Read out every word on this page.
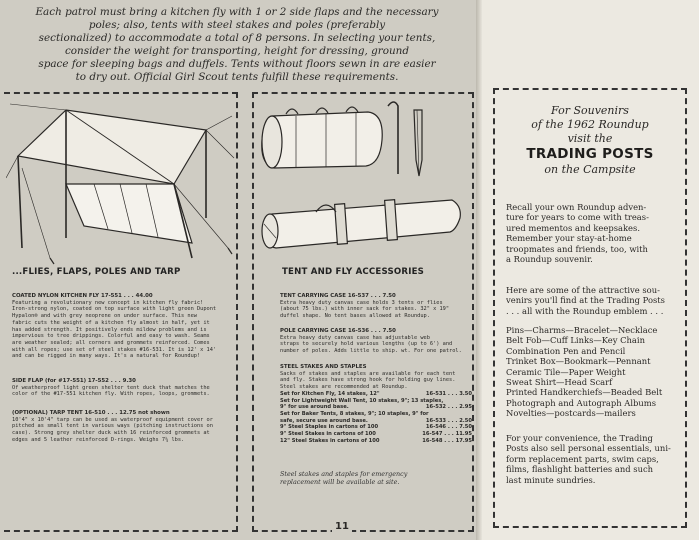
Each patrol must bring a kitchen fly with 1 or 2 side flaps and the necessary
poles; also, tents with steel stakes and poles (preferably
sectionalized) to accommodate a total of 8 persons. In selecting your tents,
consider the weight for transporting, height for dressing, ground
space for sleeping bags and duffels. Tents without floors sewn in are easier
to dry out. Official Girl Scout tents fulfill these requirements.
...FLIES, FLAPS, POLES AND TARP
COATED NYLON KITCHEN FLY 17-551 . . . 44.00
Featuring a revolutionary new concept in kitchen fly fabric!
Iron-strong nylon, coated on top surface with light green Dupont
Hypalon® and with grey neoprene on under surface. This new
fabric cuts the weight of a kitchen fly almost in half, yet it
has added strength. It positively ends mildew problems and is
impervious to tree drippings. Colorful and easy to wash. Seams
are weather sealed; all corners and grommets reinforced. Comes
with all ropes; use set of steel stakes #16-531. It is 12' x 14'
and can be rigged in many ways. It's a natural for Roundup!
SIDE FLAP (for #17-551) 17-552 . . . 9.30
Of weatherproof light green shelter tent duck that matches the
color of the #17-551 kitchen fly. With ropes, loops, grommets.
(OPTIONAL) TARP TENT 16-510 . . . 12.75 not shown
10'4" x 10'4" tarp can be used as waterproof equipment cover or
pitched as small tent in various ways (pitching instructions on
case). Strong grey shelter duck with 16 reinforced grommets at
edges and 5 leather reinforced D-rings. Weighs 7¼ lbs.
TENT AND FLY ACCESSORIES
TENT CARRYING CASE 16-537 . . . 7.50
Extra heavy duty canvas case holds 3 tents or flies
(about 75 lbs.) with inner sack for stakes. 32" x 19"
duffel shape. No tent bases allowed at Roundup.
POLE CARRYING CASE 16-536 . . . 7.50
Extra heavy duty canvas case has adjustable web
straps to securely hold various lengths (up to 6') and
number of poles. Adds little to ship. wt. For one patrol.
STEEL STAKES AND STAPLES
Sacks of stakes and staples are available for each tent
and fly. Stakes have strong hook for holding guy lines.
Steel stakes are recommended at Roundup.
Set for Kitchen Fly, 14 stakes, 12"	16-531 . . . 3.50
Set for Lightweight Wall Tent, 10 stakes, 9"; 13 staples,
9" for use around base.	16-532 . . . 2.95
Set for Baker Tents, 8 stakes, 9"; 10 staples, 9" for
safe, secure use around base.	16-533 . . . 2.50
9" Steel Staples in cartons of 100	16-546 . . . 7.50
9" Steel Stakes in cartons of 100	16-547 . . . 11.95
12" Steel Stakes in cartons of 100	16-548 . . . 17.95
Steel stakes and staples for emergency
replacement will be available at site.
11
For Souvenirs
of the 1962 Roundup
visit the
TRADING POSTS
on the Campsite
Recall your own Roundup adven-
ture for years to come with treas-
ured mementos and keepsakes.
Remember your stay-at-home
troopmates and friends, too, with
a Roundup souvenir.
Here are some of the attractive sou-
venirs you'll find at the Trading Posts
. . . all with the Roundup emblem . . .
Pins—Charms—Bracelet—Necklace
Belt Fob—Cuff Links—Key Chain
Combination Pen and Pencil
Trinket Box—Bookmark—Pennant
Ceramic Tile—Paper Weight
Sweat Shirt—Head Scarf
Printed Handkerchiefs—Beaded Belt
Photograph and Autograph Albums
Novelties—postcards—mailers
For your convenience, the Trading
Posts also sell personal essentials, uni-
form replacement parts, swim caps,
films, flashlight batteries and such
last minute sundries.
